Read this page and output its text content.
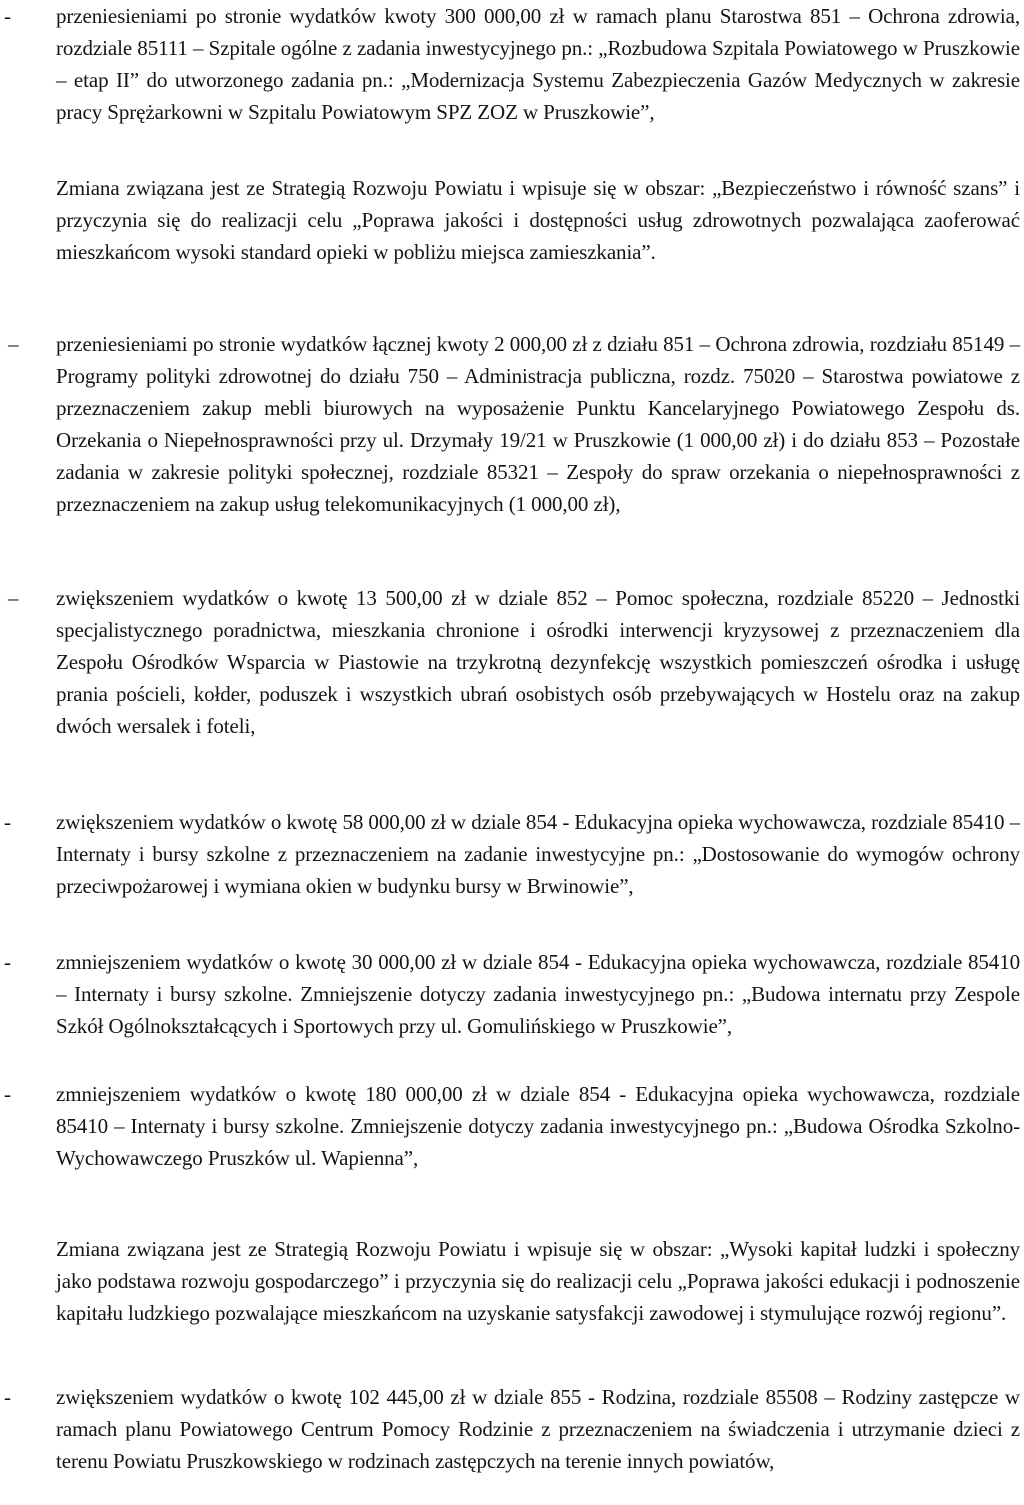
- przeniesieniami po stronie wydatków kwoty 300 000,00 zł w ramach planu Starostwa 851 – Ochrona zdrowia, rozdziale 85111 – Szpitale ogólne z zadania inwestycyjnego pn.: „Rozbudowa Szpitala Powiatowego w Pruszkowie – etap II” do utworzonego zadania pn.: „Modernizacja Systemu Zabezpieczenia Gazów Medycznych w zakresie pracy Sprężarkowni w Szpitalu Powiatowym SPZ ZOZ w Pruszkowie”,

Zmiana związana jest ze Strategią Rozwoju Powiatu i wpisuje się w obszar: „Bezpieczeństwo i równość szans” i przyczynia się do realizacji celu „Poprawa jakości i dostępności usług zdrowotnych pozwalająca zaoferować mieszkańcom wysoki standard opieki w pobliżu miejsca zamieszkania”.

– przeniesieniami po stronie wydatków łącznej kwoty 2 000,00 zł z działu 851 – Ochrona zdrowia, rozdziału 85149 – Programy polityki zdrowotnej do działu 750 – Administracja publiczna, rozdz. 75020 – Starostwa powiatowe z przeznaczeniem zakup mebli biurowych na wyposażenie Punktu Kancelaryjnego Powiatowego Zespołu ds. Orzekania o Niepełnosprawności przy ul. Drzymały 19/21 w Pruszkowie (1 000,00 zł) i do działu 853 – Pozostałe zadania w zakresie polityki społecznej, rozdziale 85321 – Zespoły do spraw orzekania o niepełnosprawności z przeznaczeniem na zakup usług telekomunikacyjnych (1 000,00 zł),

– zwiększeniem wydatków o kwotę 13 500,00 zł w dziale 852 – Pomoc społeczna, rozdziale 85220 – Jednostki specjalistycznego poradnictwa, mieszkania chronione i ośrodki interwencji kryzysowej z przeznaczeniem dla Zespołu Ośrodków Wsparcia w Piastowie na trzykrotną dezynfekcję wszystkich pomieszczeń ośrodka i usługę prania pościeli, kołder, poduszek i wszystkich ubrań osobistych osób przebywających w Hostelu oraz na zakup dwóch wersalek i foteli,

- zwiększeniem wydatków o kwotę 58 000,00 zł w dziale 854 - Edukacyjna opieka wychowawcza, rozdziale 85410 – Internaty i bursy szkolne z przeznaczeniem na zadanie inwestycyjne pn.: „Dostosowanie do wymogów ochrony przeciwpożarowej i wymiana okien w budynku bursy w Brwinowie”,

- zmniejszeniem wydatków o kwotę 30 000,00 zł w dziale 854 - Edukacyjna opieka wychowawcza, rozdziale 85410 – Internaty i bursy szkolne. Zmniejszenie dotyczy zadania inwestycyjnego pn.: „Budowa internatu przy Zespole Szkół Ogólnokształcących i Sportowych przy ul. Gomulińskiego w Pruszkowie”,

- zmniejszeniem wydatków o kwotę 180 000,00 zł w dziale 854 - Edukacyjna opieka wychowawcza, rozdziale 85410 – Internaty i bursy szkolne. Zmniejszenie dotyczy zadania inwestycyjnego pn.: „Budowa Ośrodka Szkolno-Wychowawczego Pruszków ul. Wapienna”,

Zmiana związana jest ze Strategią Rozwoju Powiatu i wpisuje się w obszar: „Wysoki kapitał ludzki i społeczny jako podstawa rozwoju gospodarczego” i przyczynia się do realizacji celu „Poprawa jakości edukacji i podnoszenie kapitału ludzkiego pozwalające mieszkańcom na uzyskanie satysfakcji zawodowej i stymulujące rozwój regionu”.

- zwiększeniem wydatków o kwotę 102 445,00 zł w dziale 855 - Rodzina, rozdziale 85508 – Rodziny zastępcze w ramach planu Powiatowego Centrum Pomocy Rodzinie z przeznaczeniem na świadczenia i utrzymanie dzieci z terenu Powiatu Pruszkowskiego w rodzinach zastępczych na terenie innych powiatów,
